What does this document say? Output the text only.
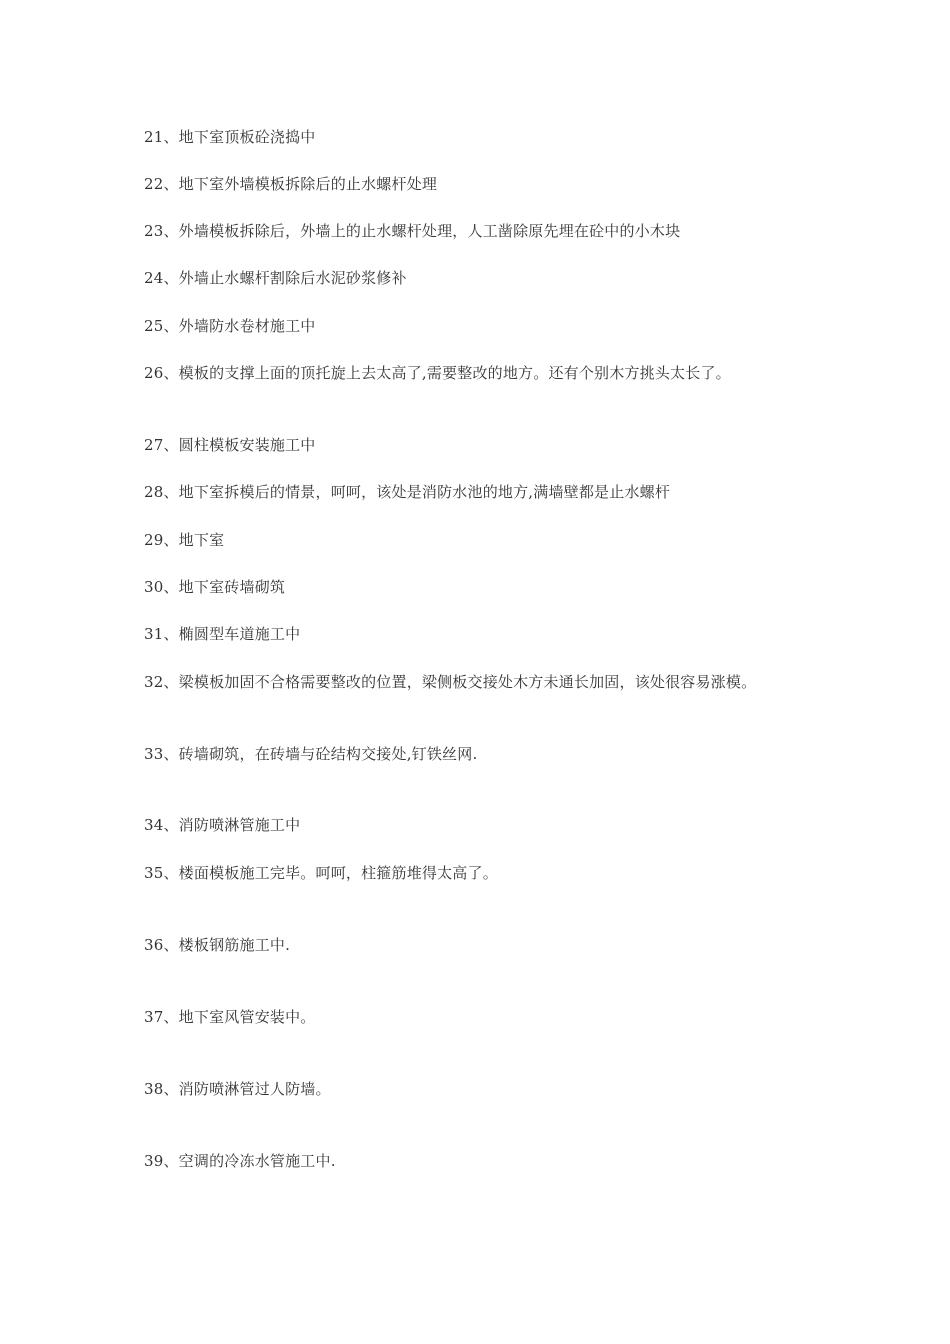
21、地下室顶板砼浇捣中
22、地下室外墙模板拆除后的止水螺杆处理
23、外墙模板拆除后，外墙上的止水螺杆处理，人工凿除原先埋在砼中的小木块
24、外墙止水螺杆割除后水泥砂浆修补
25、外墙防水卷材施工中
26、模板的支撑上面的顶托旋上去太高了,需要整改的地方。还有个别木方挑头太长了。
27、圆柱模板安装施工中
28、地下室拆模后的情景，呵呵，该处是消防水池的地方,满墙壁都是止水螺杆
29、地下室
30、地下室砖墙砌筑
31、椭圆型车道施工中
32、梁模板加固不合格需要整改的位置，梁侧板交接处木方未通长加固，该处很容易涨模。
33、砖墙砌筑，在砖墙与砼结构交接处,钉铁丝网.
34、消防喷淋管施工中
35、楼面模板施工完毕。呵呵，柱箍筋堆得太高了。
36、楼板钢筋施工中.
37、地下室风管安装中。
38、消防喷淋管过人防墙。
39、空调的冷冻水管施工中.
